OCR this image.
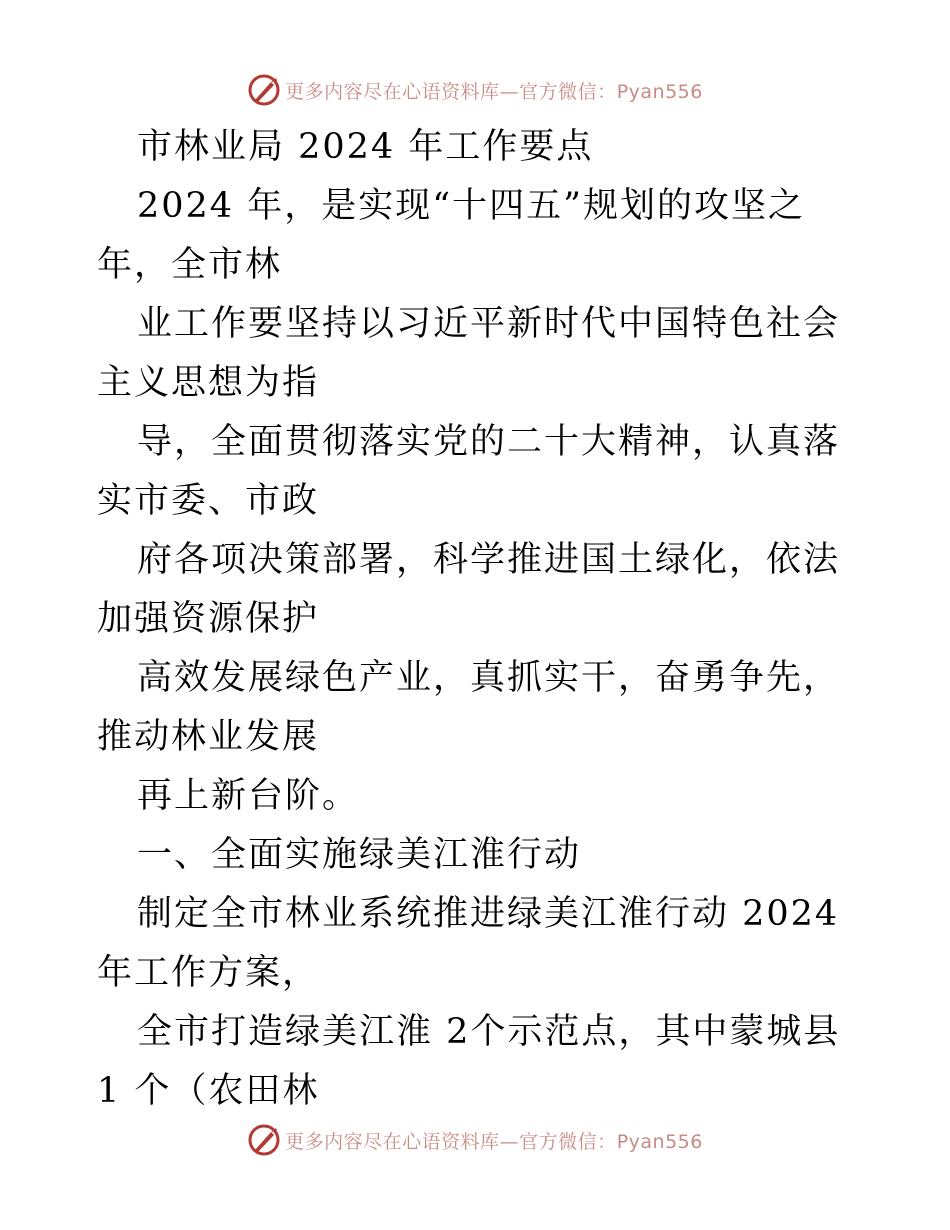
更多内容尽在心语资料库—官方微信：Pyan556

市林业局 2024 年工作要点

2024 年，是实现“十四五”规划的攻坚之年，全市林

业工作要坚持以习近平新时代中国特色社会主义思想为指

导，全面贯彻落实党的二十大精神，认真落实市委、市政

府各项决策部署，科学推进国土绿化，依法加强资源保护

高效发展绿色产业，真抓实干，奋勇争先，推动林业发展

再上新台阶。

一、全面实施绿美江淮行动

制定全市林业系统推进绿美江淮行动 2024 年工作方案，

全市打造绿美江淮 2个示范点，其中蒙城县 1 个（农田林

更多内容尽在心语资料库—官方微信：Pyan556
